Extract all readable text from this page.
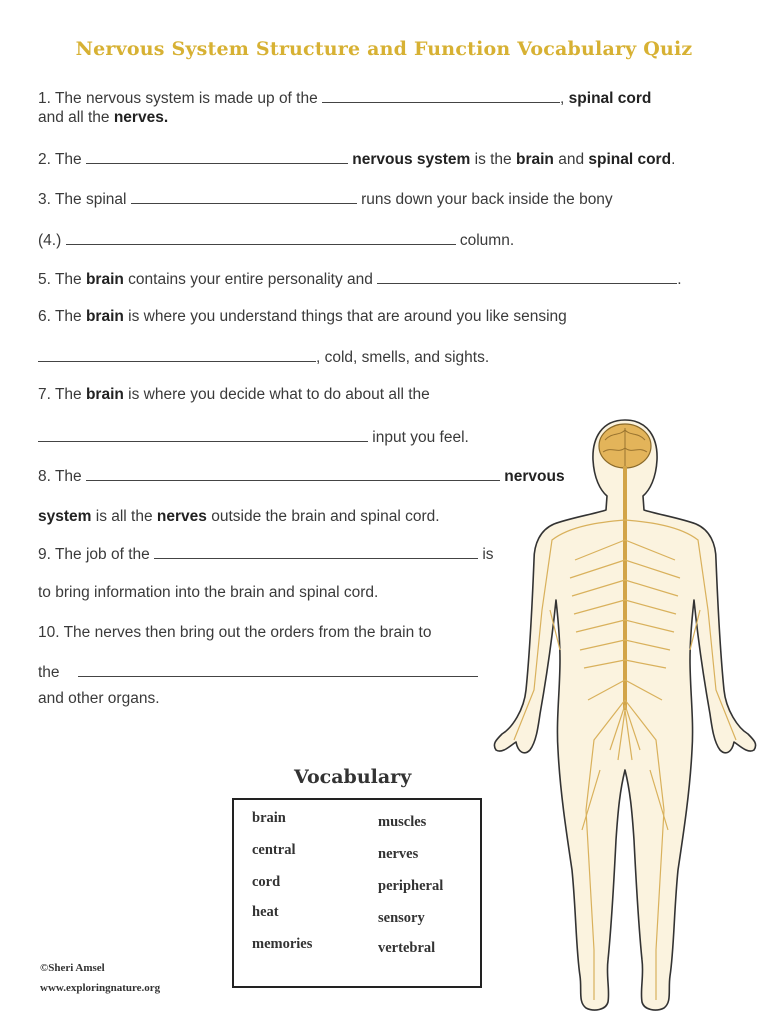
Nervous System Structure and Function Vocabulary Quiz
1. The nervous system is made up of the	, spinal cord
and all the nerves.
2. The	nervous system is the brain and spinal cord.
3. The spinal	runs down your back inside the bony
(4.)	column.
5. The brain contains your entire personality and	.
6. The brain is where you understand things that are around you like sensing
, cold, smells, and sights.
7. The brain is where you decide what to do about all the
input you feel.
8. The	nervous
system is all the nerves outside the brain and spinal cord.
9. The job of the	is
to bring information into the brain and spinal cord.
10. The nerves then bring out the orders from the brain to
the
and other organs.
Vocabulary
brain
central
cord
heat
memories
muscles
nerves
peripheral
sensory
vertebral
©Sheri Amsel
www.exploringnature.org
